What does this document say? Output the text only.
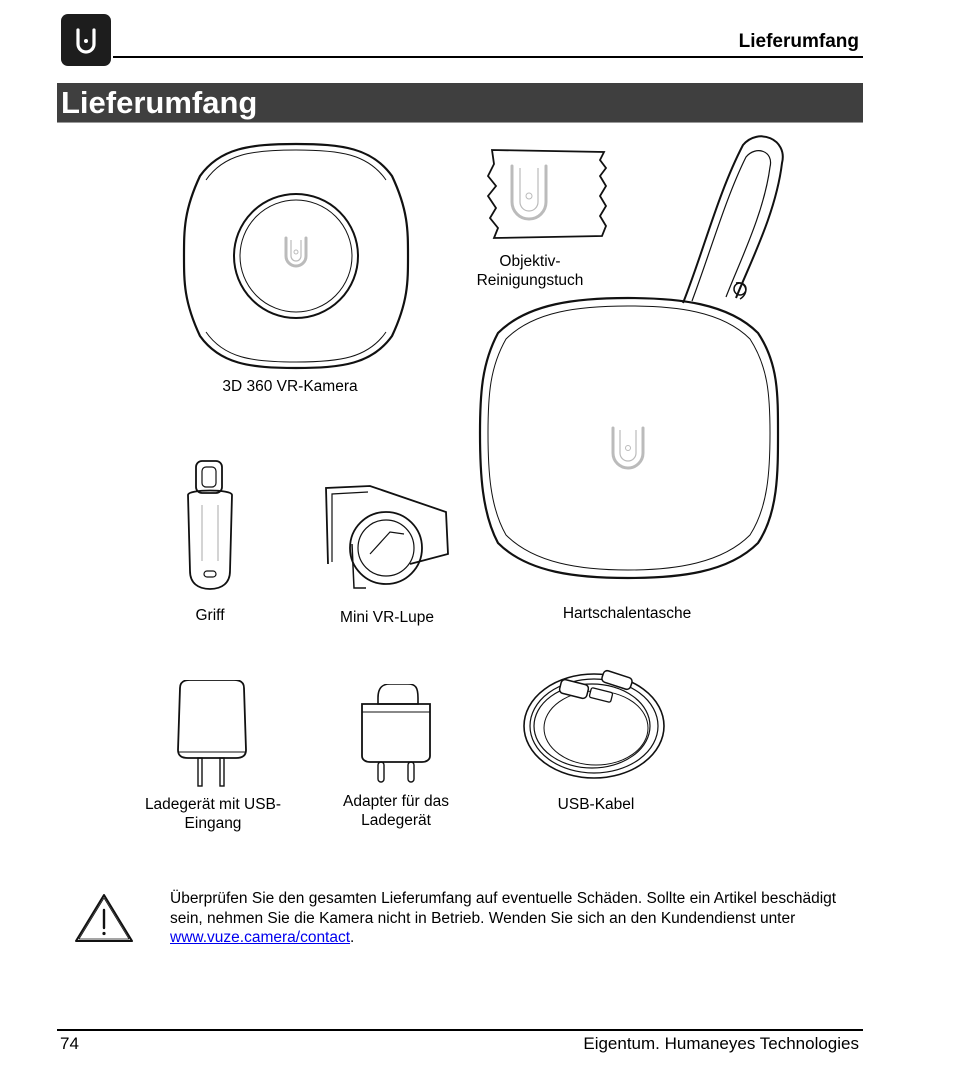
Lieferumfang
Lieferumfang
3D 360 VR-Kamera
Objektiv-
Reinigungstuch
Hartschalentasche
Griff	Mini VR-Lupe
Ladegerät mit USB-
Eingang
Adapter für das
Ladegerät
USB-Kabel
Überprüfen Sie den gesamten Lieferumfang auf eventuelle Schäden. Sollte ein Artikel beschädigt sein, nehmen Sie die Kamera nicht in Betrieb. Wenden Sie sich an den Kundendienst unter www.vuze.camera/contact.
74	Eigentum. Humaneyes Technologies
